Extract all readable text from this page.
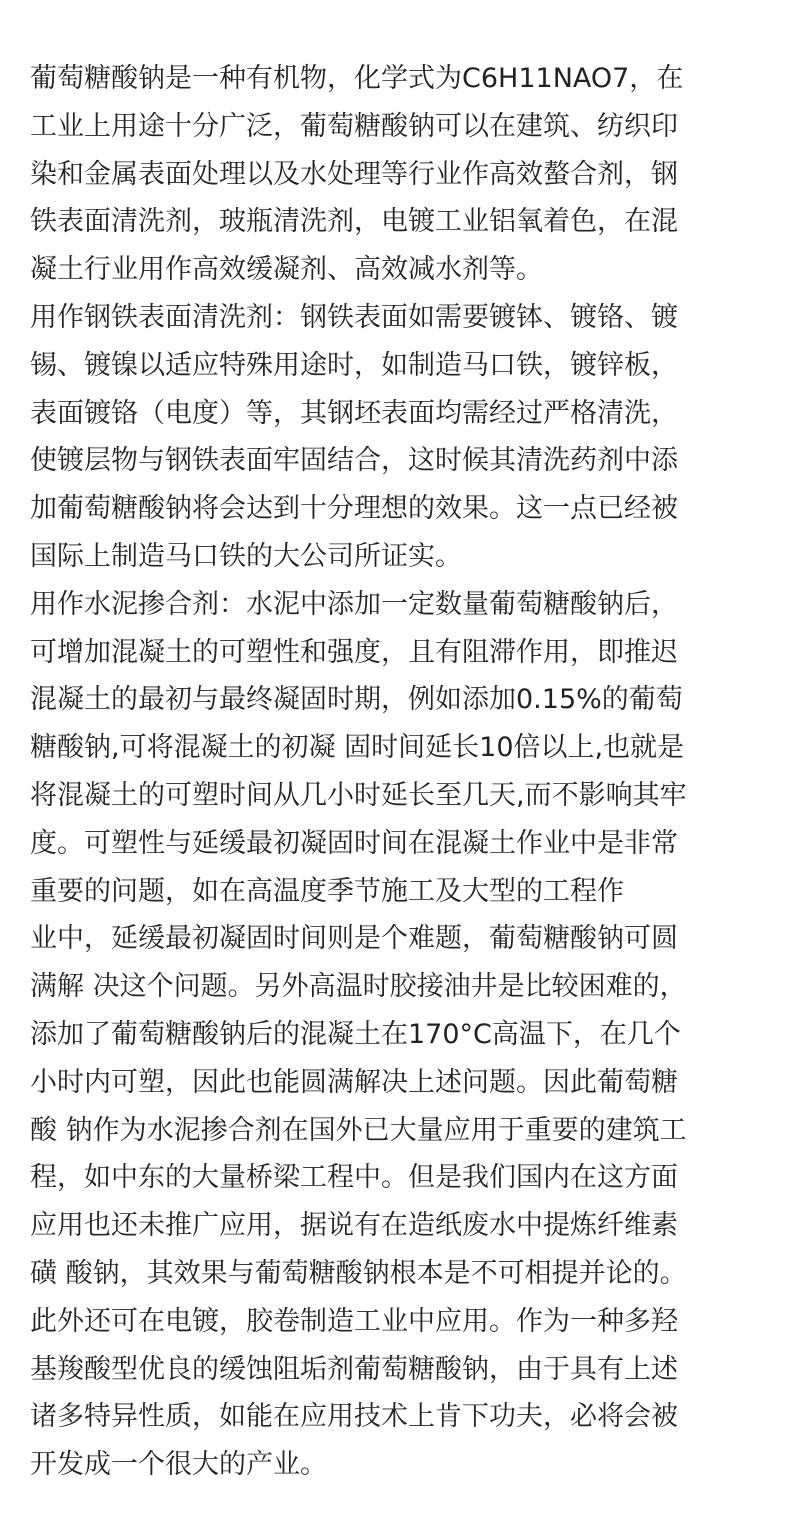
葡萄糖酸钠是一种有机物，化学式为C6H11NAO7，在
工业上用途十分广泛，葡萄糖酸钠可以在建筑、纺织印
染和金属表面处理以及水处理等行业作高效螯合剂，钢
铁表面清洗剂，玻瓶清洗剂，电镀工业铝氧着色，在混
凝土行业用作高效缓凝剂、高效减水剂等。
用作钢铁表面清洗剂：钢铁表面如需要镀钵、镀铬、镀
锡、镀镍以适应特殊用途时，如制造马口铁，镀锌板，
表面镀铬（电度）等，其钢坯表面均需经过严格清洗，
使镀层物与钢铁表面牢固结合，这时候其清洗药剂中添
加葡萄糖酸钠将会达到十分理想的效果。这一点已经被
国际上制造马口铁的大公司所证实。
用作水泥掺合剂：水泥中添加一定数量葡萄糖酸钠后，
可增加混凝土的可塑性和强度，且有阻滞作用，即推迟
混凝土的最初与最终凝固时期，例如添加0.15%的葡萄
糖酸钠,可将混凝土的初凝 固时间延长10倍以上,也就是
将混凝土的可塑时间从几小时延长至几天,而不影响其牢
度。可塑性与延缓最初凝固时间在混凝土作业中是非常
重要的问题，如在高温度季节施工及大型的工程作
业中，延缓最初凝固时间则是个难题，葡萄糖酸钠可圆
满解 决这个问题。另外高温时胶接油井是比较困难的，
添加了葡萄糖酸钠后的混凝土在170°C高温下，在几个
小时内可塑，因此也能圆满解决上述问题。因此葡萄糖
酸 钠作为水泥掺合剂在国外已大量应用于重要的建筑工
程，如中东的大量桥梁工程中。但是我们国内在这方面
应用也还未推广应用，据说有在造纸废水中提炼纤维素
磺 酸钠，其效果与葡萄糖酸钠根本是不可相提并论的。
此外还可在电镀，胶卷制造工业中应用。作为一种多羟
基羧酸型优良的缓蚀阻垢剂葡萄糖酸钠，由于具有上述
诸多特异性质，如能在应用技术上肯下功夫，必将会被
开发成一个很大的产业。
